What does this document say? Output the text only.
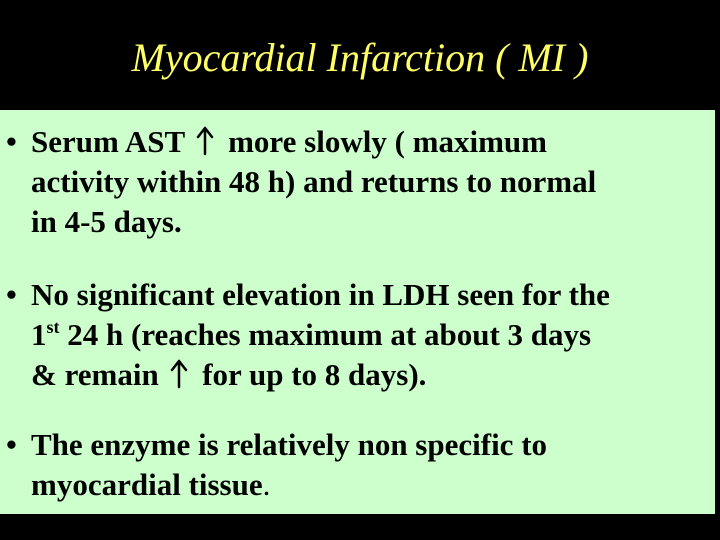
Myocardial Infarction ( MI )
• Serum AST more slowly ( maximum
activity within 48 h) and returns to normal
in 4-5 days.
• No significant elevation in LDH seen for the
1st 24 h (reaches maximum at about 3 days
& remain for up to 8 days).
• The enzyme is relatively non specific to
myocardial tissue.
